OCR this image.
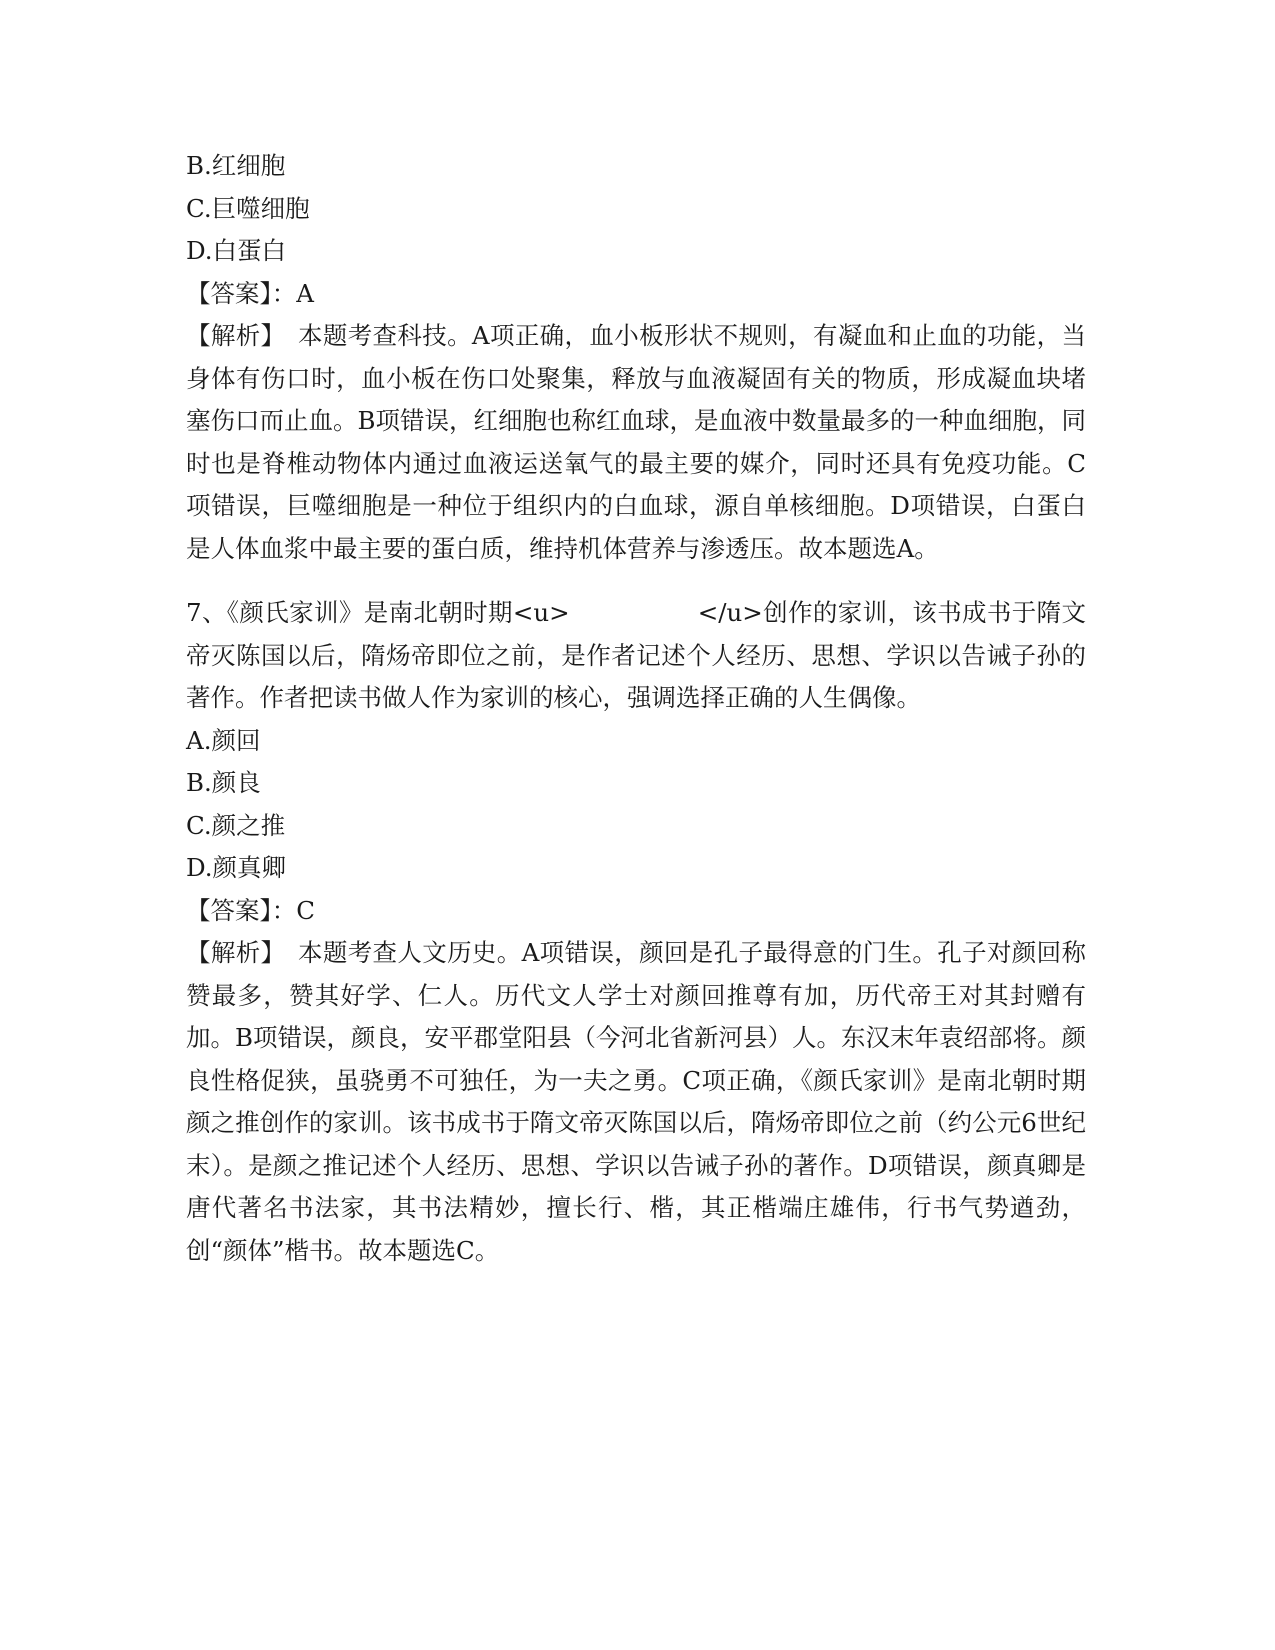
B.红细胞
C.巨噬细胞
D.白蛋白
【答案】：A
【解析】　本题考查科技。A项正确，血小板形状不规则，有凝血和止血的功能，当身体有伤口时，血小板在伤口处聚集，释放与血液凝固有关的物质，形成凝血块堵塞伤口而止血。B项错误，红细胞也称红血球，是血液中数量最多的一种血细胞，同时也是脊椎动物体内通过血液运送氧气的最主要的媒介，同时还具有免疫功能。C项错误，巨噬细胞是一种位于组织内的白血球，源自单核细胞。D项错误，白蛋白是人体血浆中最主要的蛋白质，维持机体营养与渗透压。故本题选A。
7、《颜氏家训》是南北朝时期<u>	</u>创作的家训，该书成书于隋文帝灭陈国以后，隋炀帝即位之前，是作者记述个人经历、思想、学识以告诫子孙的著作。作者把读书做人作为家训的核心，强调选择正确的人生偶像。
A.颜回
B.颜良
C.颜之推
D.颜真卿
【答案】：C
【解析】　本题考查人文历史。A项错误，颜回是孔子最得意的门生。孔子对颜回称赞最多，赞其好学、仁人。历代文人学士对颜回推尊有加，历代帝王对其封赠有加。B项错误，颜良，安平郡堂阳县（今河北省新河县）人。东汉末年袁绍部将。颜良性格促狭，虽骁勇不可独任，为一夫之勇。C项正确，《颜氏家训》是南北朝时期颜之推创作的家训。该书成书于隋文帝灭陈国以后，隋炀帝即位之前（约公元6世纪末）。是颜之推记述个人经历、思想、学识以告诫子孙的著作。D项错误，颜真卿是唐代著名书法家，其书法精妙，擅长行、楷，其正楷端庄雄伟，行书气势遒劲，创“颜体”楷书。故本题选C。
